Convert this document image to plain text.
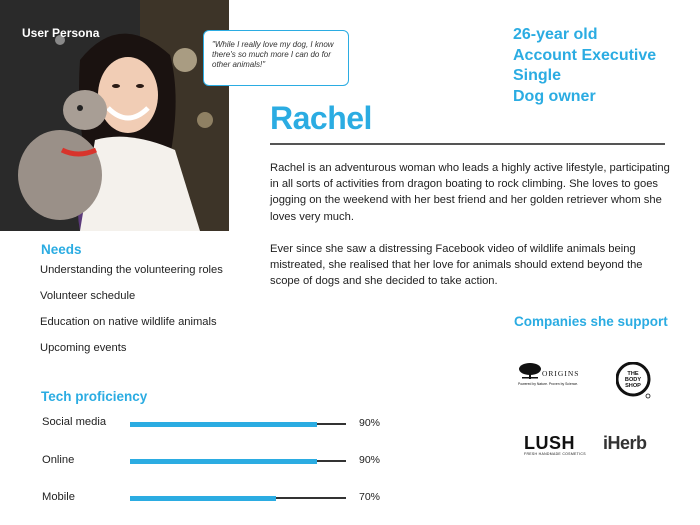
User Persona
"While I really love my dog, I know there's so much more I can do for other animals!"
26-year old
Account Executive
Single
Dog owner
Rachel

Rachel is an adventurous woman who leads a highly active lifestyle, participating in all sorts of activities from dragon boating to rock climbing. She loves to goes jogging on the weekend with her best friend and her golden retriever whom she loves very much.

Ever since she saw a distressing Facebook video of wildlife animals being mistreated, she realised that her love for animals should extend beyond the scope of dogs and she decided to take action.

Needs
Understanding the volunteering roles
Volunteer schedule
Education on native wildlife animals
Upcoming events
Tech proficiency
Social media	90%
Online	90%
Mobile	70%
Companies she support
ORIGINS
Powered by Nature. Proven by Science.
THE BODY SHOP
LUSH
FRESH HANDMADE COSMETICS
iHerb
